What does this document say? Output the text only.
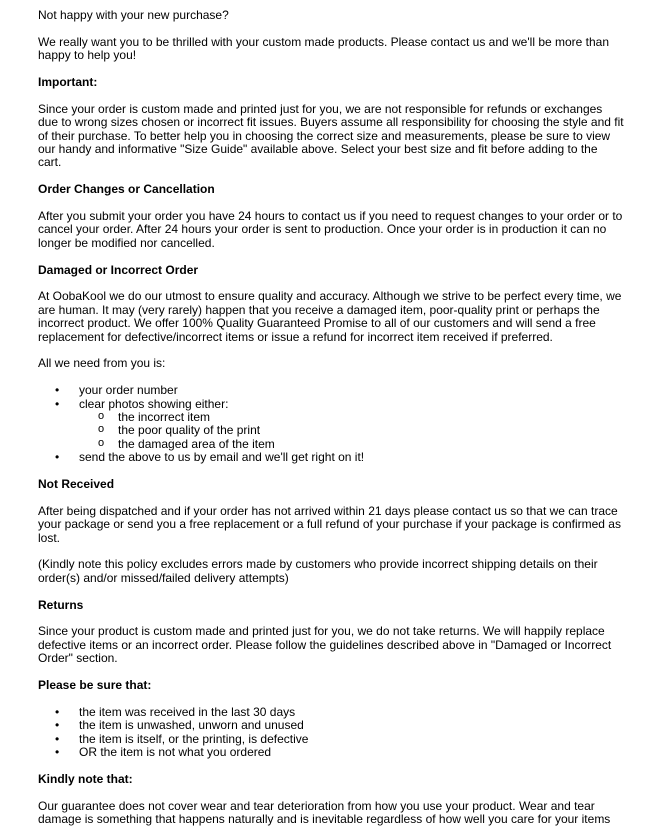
Not happy with your new purchase?

We really want you to be thrilled with your custom made products. Please contact us and we'll be more than happy to help you!

Important:

Since your order is custom made and printed just for you, we are not responsible for refunds or exchanges due to wrong sizes chosen or incorrect fit issues. Buyers assume all responsibility for choosing the style and fit of their purchase. To better help you in choosing the correct size and measurements, please be sure to view our handy and informative "Size Guide" available above. Select your best size and fit before adding to the cart.

Order Changes or Cancellation

After you submit your order you have 24 hours to contact us if you need to request changes to your order or to cancel your order. After 24 hours your order is sent to production. Once your order is in production it can no longer be modified nor cancelled.

Damaged or Incorrect Order

At OobaKool we do our utmost to ensure quality and accuracy. Although we strive to be perfect every time, we are human. It may (very rarely) happen that you receive a damaged item, poor-quality print or perhaps the incorrect product. We offer 100% Quality Guaranteed Promise to all of our customers and will send a free replacement for defective/incorrect items or issue a refund for incorrect item received if preferred.

All we need from you is:

• your order number
• clear photos showing either:
o the incorrect item
o the poor quality of the print
o the damaged area of the item
• send the above to us by email and we'll get right on it!

Not Received

After being dispatched and if your order has not arrived within 21 days please contact us so that we can trace your package or send you a free replacement or a full refund of your purchase if your package is confirmed as lost.

(Kindly note this policy excludes errors made by customers who provide incorrect shipping details on their order(s) and/or missed/failed delivery attempts)

Returns

Since your product is custom made and printed just for you, we do not take returns. We will happily replace defective items or an incorrect order. Please follow the guidelines described above in "Damaged or Incorrect Order" section.

Please be sure that:

• the item was received in the last 30 days
• the item is unwashed, unworn and unused
• the item is itself, or the printing, is defective
• OR the item is not what you ordered

Kindly note that:

Our guarantee does not cover wear and tear deterioration from how you use your product. Wear and tear damage is something that happens naturally and is inevitable regardless of how well you care for your items
